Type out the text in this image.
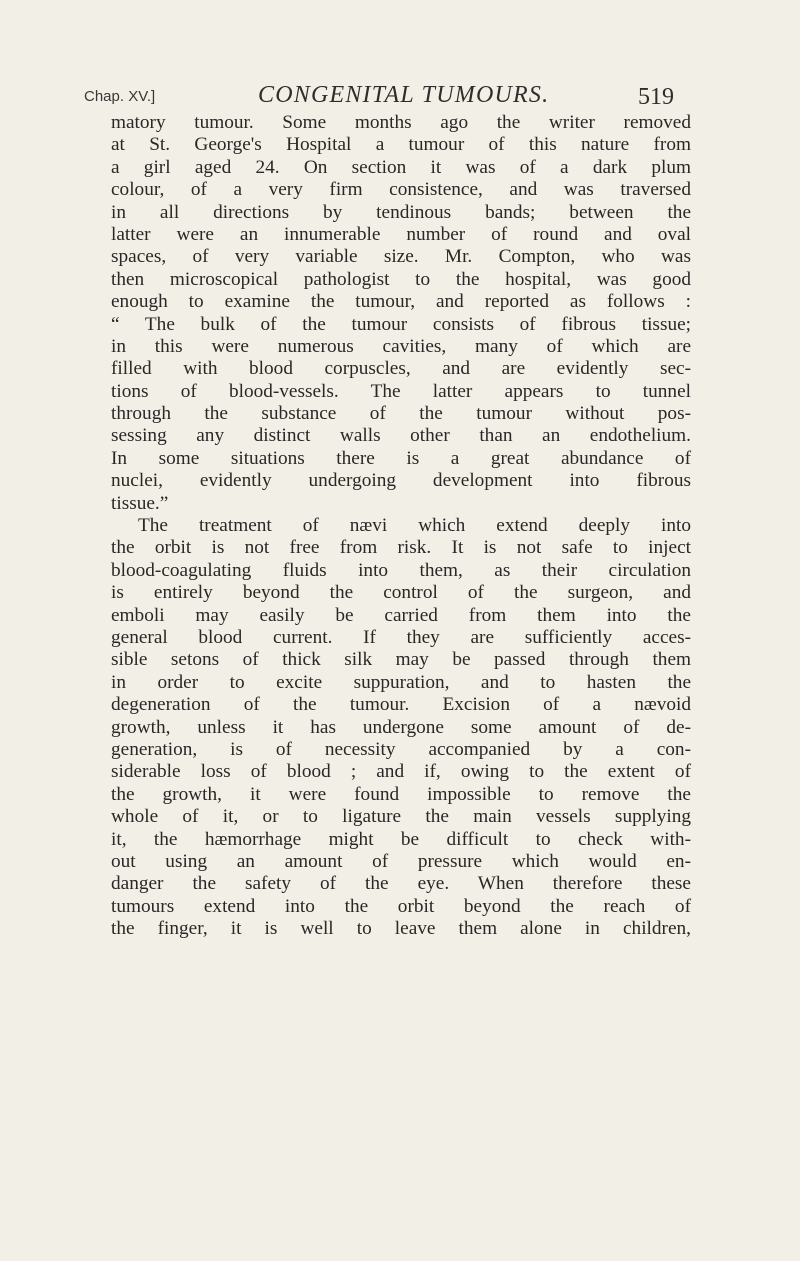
Chap. XV.]	CONGENITAL TUMOURS.	519
matory tumour. Some months ago the writer removed
at St. George's Hospital a tumour of this nature from
a girl aged 24. On section it was of a dark plum
colour, of a very firm consistence, and was traversed
in all directions by tendinous bands; between the
latter were an innumerable number of round and oval
spaces, of very variable size. Mr. Compton, who was
then microscopical pathologist to the hospital, was good
enough to examine the tumour, and reported as follows :
“ The bulk of the tumour consists of fibrous tissue;
in this were numerous cavities, many of which are
filled with blood corpuscles, and are evidently sec-
tions of blood-vessels. The latter appears to tunnel
through the substance of the tumour without pos-
sessing any distinct walls other than an endothelium.
In some situations there is a great abundance of
nuclei, evidently undergoing development into fibrous
tissue.”
The treatment of nævi which extend deeply into
the orbit is not free from risk. It is not safe to inject
blood-coagulating fluids into them, as their circulation
is entirely beyond the control of the surgeon, and
emboli may easily be carried from them into the
general blood current. If they are sufficiently acces-
sible setons of thick silk may be passed through them
in order to excite suppuration, and to hasten the
degeneration of the tumour. Excision of a nævoid
growth, unless it has undergone some amount of de-
generation, is of necessity accompanied by a con-
siderable loss of blood ; and if, owing to the extent of
the growth, it were found impossible to remove the
whole of it, or to ligature the main vessels supplying
it, the hæmorrhage might be difficult to check with-
out using an amount of pressure which would en-
danger the safety of the eye. When therefore these
tumours extend into the orbit beyond the reach of
the finger, it is well to leave them alone in children,
